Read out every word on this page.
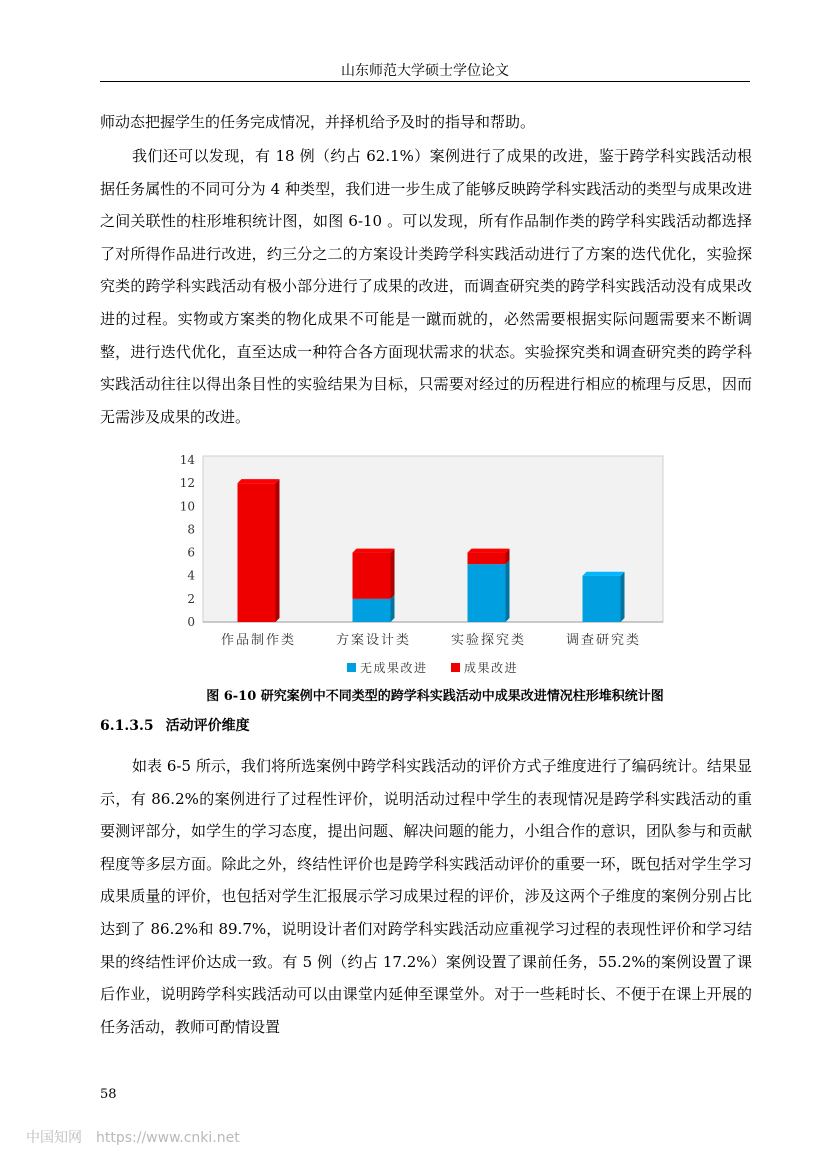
山东师范大学硕士学位论文

师动态把握学生的任务完成情况，并择机给予及时的指导和帮助。

我们还可以发现，有 18 例（约占 62.1%）案例进行了成果的改进，鉴于跨学科实践活动根据任务属性的不同可分为 4 种类型，我们进一步生成了能够反映跨学科实践活动的类型与成果改进之间关联性的柱形堆积统计图，如图 6-10 。可以发现，所有作品制作类的跨学科实践活动都选择了对所得作品进行改进，约三分之二的方案设计类跨学科实践活动进行了方案的迭代优化，实验探究类的跨学科实践活动有极小部分进行了成果的改进，而调查研究类的跨学科实践活动没有成果改进的过程。实物或方案类的物化成果不可能是一蹴而就的，必然需要根据实际问题需要来不断调整，进行迭代优化，直至达成一种符合各方面现状需求的状态。实验探究类和调查研究类的跨学科实践活动往往以得出条目性的实验结果为目标，只需要对经过的历程进行相应的梳理与反思，因而无需涉及成果的改进。

0
2
4
6
8
10
12
14
作品制作类	方案设计类	实验探究类	调查研究类
无成果改进	成果改进
图 6-10 研究案例中不同类型的跨学科实践活动中成果改进情况柱形堆积统计图
6.1.3.5 活动评价维度

如表 6-5 所示，我们将所选案例中跨学科实践活动的评价方式子维度进行了编码统计。结果显示，有 86.2%的案例进行了过程性评价，说明活动过程中学生的表现情况是跨学科实践活动的重要测评部分，如学生的学习态度，提出问题、解决问题的能力，小组合作的意识，团队参与和贡献程度等多层方面。除此之外，终结性评价也是跨学科实践活动评价的重要一环，既包括对学生学习成果质量的评价，也包括对学生汇报展示学习成果过程的评价，涉及这两个子维度的案例分别占比达到了 86.2%和 89.7%，说明设计者们对跨学科实践活动应重视学习过程的表现性评价和学习结果的终结性评价达成一致。有 5 例（约占 17.2%）案例设置了课前任务，55.2%的案例设置了课后作业，说明跨学科实践活动可以由课堂内延伸至课堂外。对于一些耗时长、不便于在课上开展的任务活动，教师可酌情设置

58
中国知网 https://www.cnki.net
